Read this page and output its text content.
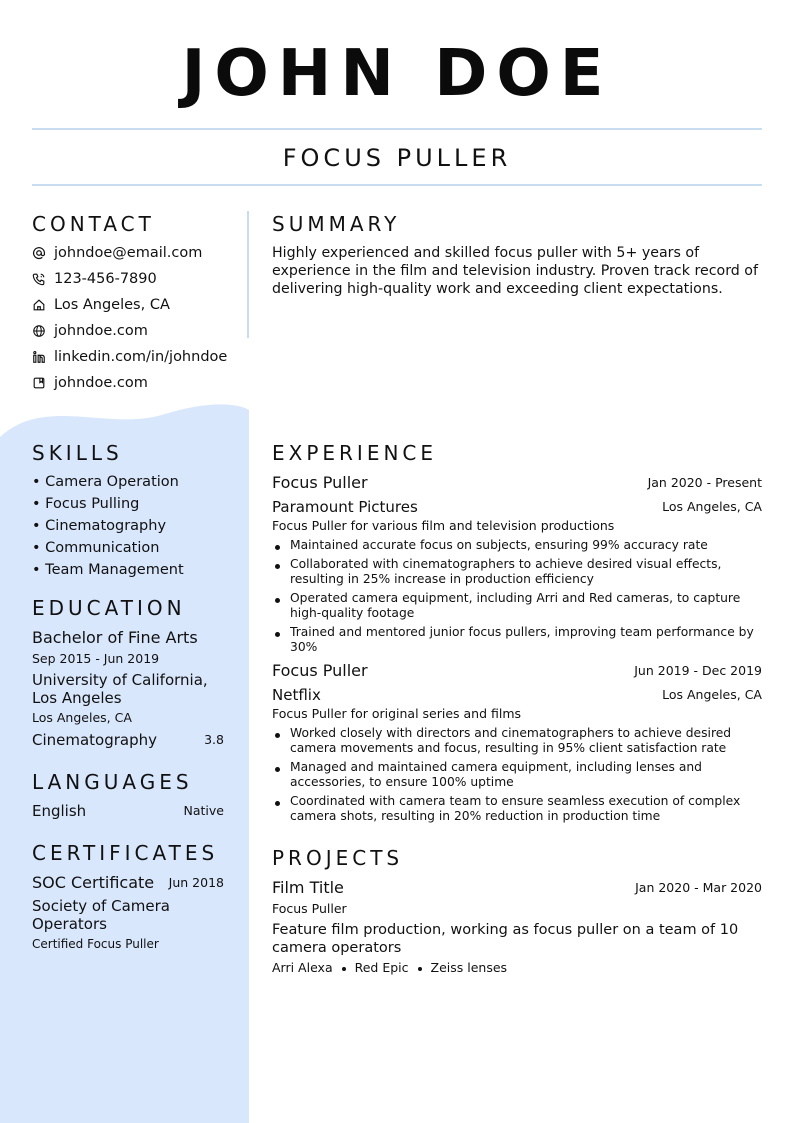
JOHN DOE
FOCUS PULLER
CONTACT
johndoe@email.com
123-456-7890
Los Angeles, CA
johndoe.com
linkedin.com/in/johndoe
johndoe.com
SUMMARY
Highly experienced and skilled focus puller with 5+ years of experience in the film and television industry. Proven track record of delivering high-quality work and exceeding client expectations.
SKILLS
• Camera Operation
• Focus Pulling
• Cinematography
• Communication
• Team Management
EDUCATION
Bachelor of Fine Arts
Sep 2015 - Jun 2019
University of California, Los Angeles
Los Angeles, CA
Cinematography	3.8
LANGUAGES
English	Native
CERTIFICATES
SOC Certificate	Jun 2018
Society of Camera Operators
Certified Focus Puller
EXPERIENCE
Focus Puller	Jan 2020 - Present
Paramount Pictures	Los Angeles, CA
Focus Puller for various film and television productions
Maintained accurate focus on subjects, ensuring 99% accuracy rate
Collaborated with cinematographers to achieve desired visual effects, resulting in 25% increase in production efficiency
Operated camera equipment, including Arri and Red cameras, to capture high-quality footage
Trained and mentored junior focus pullers, improving team performance by 30%
Focus Puller	Jun 2019 - Dec 2019
Netflix	Los Angeles, CA
Focus Puller for original series and films
Worked closely with directors and cinematographers to achieve desired camera movements and focus, resulting in 95% client satisfaction rate
Managed and maintained camera equipment, including lenses and accessories, to ensure 100% uptime
Coordinated with camera team to ensure seamless execution of complex camera shots, resulting in 20% reduction in production time
PROJECTS
Film Title	Jan 2020 - Mar 2020
Focus Puller
Feature film production, working as focus puller on a team of 10 camera operators
Arri Alexa Red Epic Zeiss lenses
